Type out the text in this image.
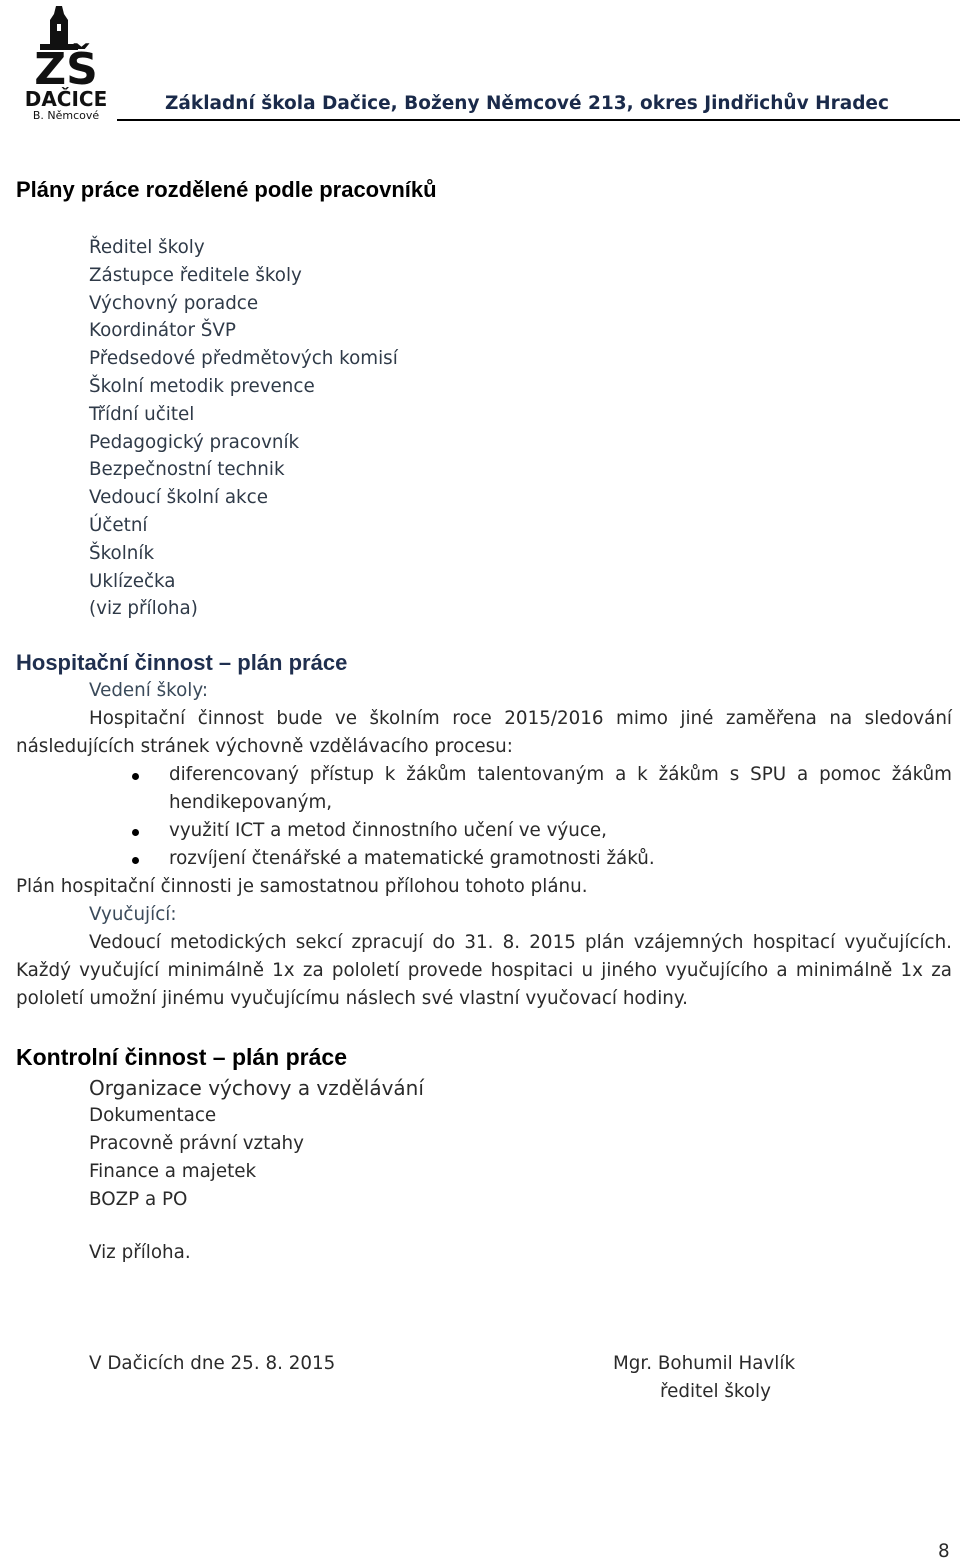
ZŠ
DAČICE
B. Němcové
Základní škola Dačice, Boženy Němcové 213, okres Jindřichův Hradec
Plány práce rozdělené podle pracovníků
Ředitel školy
Zástupce ředitele školy
Výchovný poradce
Koordinátor ŠVP
Předsedové předmětových komisí
Školní metodik prevence
Třídní učitel
Pedagogický pracovník
Bezpečnostní technik
Vedoucí školní akce
Účetní
Školník
Uklízečka
(viz příloha)
Hospitační činnost – plán práce
Vedení školy:
Hospitační činnost bude ve školním roce 2015/2016 mimo jiné zaměřena na sledování
následujících stránek výchovně vzdělávacího procesu:
diferencovaný přístup k žákům talentovaným a k žákům s SPU a pomoc žákům
hendikepovaným,
využití ICT a metod činnostního učení ve výuce,
rozvíjení čtenářské a matematické gramotnosti žáků.
Plán hospitační činnosti je samostatnou přílohou tohoto plánu.
Vyučující:
Vedoucí metodických sekcí zpracují do 31. 8. 2015 plán vzájemných hospitací vyučujících.
Každý vyučující minimálně 1x za pololetí provede hospitaci u jiného vyučujícího a minimálně 1x za
pololetí umožní jinému vyučujícímu náslech své vlastní vyučovací hodiny.
Kontrolní činnost – plán práce
Organizace výchovy a vzdělávání
Dokumentace
Pracovně právní vztahy
Finance a majetek
BOZP a PO
Viz příloha.
V Dačicích dne 25. 8. 2015	Mgr. Bohumil Havlík
ředitel školy
8
